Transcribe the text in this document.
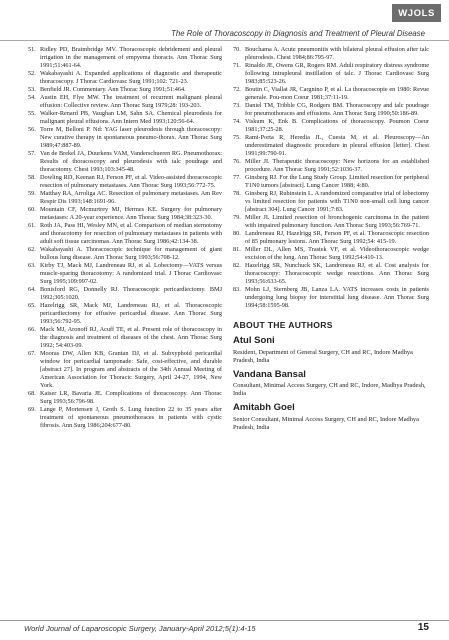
WJOLS
The Role of Thoracoscopy in Diagnosis and Treatment of Pleural Disease
51. Ridley PD, Braimbridge MV. Thoracoscopic debridement and pleural irrigation in the management of empyema thoracis. Ann Thorac Surg 1991;51:461-64.
52. Wakabayashi A. Expanded applications of diagnostic and therapeutic thoracoscopy. J Thorac Cardiovasc Surg 1991;102: 721-23.
53. Benfield JR. Commentary. Ann Thorac Surg 1991;51:464.
54. Austin EH, Flye MW. The treatment of recurrent malignant pleural effusion: Collective review. Ann Thorac Surg 1979;28: 193-203.
55. Walker-Renard PB, Vaughan LM, Sahn SA. Chemical pleurodesis for malignant pleural effusions. Ann Intern Med 1993;120:56-64.
56. Torre M, Belloni P. Nd: YAG laser pleurodesis through thoracoscopy: New curative therapy in spontaneous pneumo-thorax. Ann Thorac Surg 1989;47:887-89.
57. Van de Brekel JA, Duurkens VAM, Vanderschueren RG. Pneumothorax: Results of thoracoscopy and pleurodesis with talc poudrage and thoracotomy. Chest 1993;103:345-48.
58. Dowling RD, Keenan RJ, Ferson PF, et al. Video-assisted thoracoscopic resection of pulmonary metastases. Ann Thorac Surg 1993;56:772-75.
59. Matthay RA, Arroliga AC. Resection of pulmonary metastases. Am Rev Respir Dis 1993;148:1691-96.
60. Mountain CF, Mcmurtrey MJ, Hermes KE. Surgery for pulmonary metastases: A 20-year experience. Ann Thorac Surg 1984;38:323-30.
61. Roth JA, Pass HI, Wesley MN, et al. Comparison of median sternotomy and thoracotomy for resection of pulmonary metastases in patients with adult soft tissue carcinomas. Ann Thorac Surg 1986;42:134-38.
62. Wakabayashi A. Thoracoscopic technique for management of giant bullous lung disease. Ann Thorac Surg 1993;56:708-12.
63. Kirby TJ, Mack MJ, Landreneau RJ, et al. Lobectomy—VATS versus muscle-sparing thoracotomy: A randomized trial. J Thorac Cardiovasc Surg 1995;109:997-02.
64. Bonisford RG, Donnelly RJ. Thoracoscopic pericardiectomy. BMJ 1992;305:1020.
65. Hazelrigg SR, Mack MJ, Landreneau RJ, et al. Thoracoscopic pericardiectomy for effusive pericardial disease. Ann Thorac Surg 1993;56:792-95.
66. Mack MJ, Aronoff RJ, Acuff TE, et al. Present role of thoracoscopy in the diagnosis and treatment of diseases of the chest. Ann Thorac Surg 1992; 54:403-09.
67. Mooras DW, Allen KB, Grantan DJ, et al. Subxyphoid pericardial window for pericardial tamponade: Safe, cost-effective, and durable [abstract 27]. In program and abstracts of the 34th Annual Meeting of American Association for Thoracic Surgery, April 24-27, 1994, New York.
68. Kaiser LR, Bavaria JE. Complications of thoracoscopy. Ann Thorac Surg 1993;56:796-98.
69. Lange P, Mortensen J, Groth S. Lung function 22 to 35 years after treatment of spontaneous pneumothoraces in patients with cystic fibrosis. Ann Surg 1986;204:677-80.
70. Bouchama A. Acute pneumonitis with bilateral pleural effusion after talc pleurodesis. Chest 1984;86:795-97.
71. Rinaldo JE, Owens GR, Rogers RM. Adult respiratory distress syndrome following intrapleural instillation of talc. J Thorac Cardiovasc Surg 1983;85:523-26.
72. Boutin C, Viallat JR, Cargnino P, et al. La thoracoscopie en 1980: Revue generale. Pou-mon Coeur 1981;37:11-19.
73. Daniel TM, Tribble CG, Rodgers BM. Thoracoscopy and talc poudrage for pneumothoraces and effusions. Ann Thorac Surg 1990;50:186-89.
74. Viskum K, Enk B. Complications of thoracoscopy. Poumon Coeur 1981;37:25-28.
75. Rami-Porta R, Heredia JL, Cuesta M, et al. Pleuroscopy—An underestimated diagnostic procedure in pleural effusion [letter]. Chest 1991;99:790-91.
76. Miller JI. Therapeutic thoracoscopy: New horizons for an established procedure. Ann Thorac Surg 1991;52:1036-37.
77. Ginsberg RJ. For the Lung Study Group. Limited resection for peripheral T1N0 tumors [abstract]. Lung Cancer 1988; 4:80.
78. Ginsberg RJ, Rubinstein L. A randomized comparative trial of lobectomy vs limited resection for patients with T1N0 non-small cell lung cancer [abstract 304]. Lung Cancer 1991;7:83.
79. Miller JI. Limited resection of bronchogenic carcinoma in the patient with impaired pulmonary function. Ann Thorac Surg 1993;56:769-71.
80. Landreneau RJ, Hazelrigg SR, Ferson PF, et al. Thoracoscopic resection of 85 pulmonary lesions. Ann Thorac Surg 1992;54: 415-19.
81. Miller DL, Allen MS, Trastek VF, et al. Videothoracoscopic wedge excision of the lung. Ann Thorac Surg 1992;54:410-13.
82. Hazelrigg SR, Nunchuck SK, Landreneau RJ, et al. Cost analysis for thoracoscopy: Thoracoscopic wedge resections. Ann Thorac Surg 1993;56:633-65.
83. Mohn LJ, Sternberg JB, Lanza LA. VATS increases costs in patients undergoing lung biopsy for interstitial lung disease. Ann Thorac Surg 1994;58:1595-98.
ABOUT THE AUTHORS
Atul Soni
Resident, Department of General Surgery, CH and RC, Indore Madhya Pradesh, India
Vandana Bansal
Consultant, Minimal Access Surgery, CH and RC, Indore, Madhya Pradesh, India
Amitabh Goel
Senior Consultant, Minimal Access Surgery, CH and RC, Indore Madhya Pradesh, India
World Journal of Laparoscopic Surgery, January-April 2012;5(1):4-15	15
